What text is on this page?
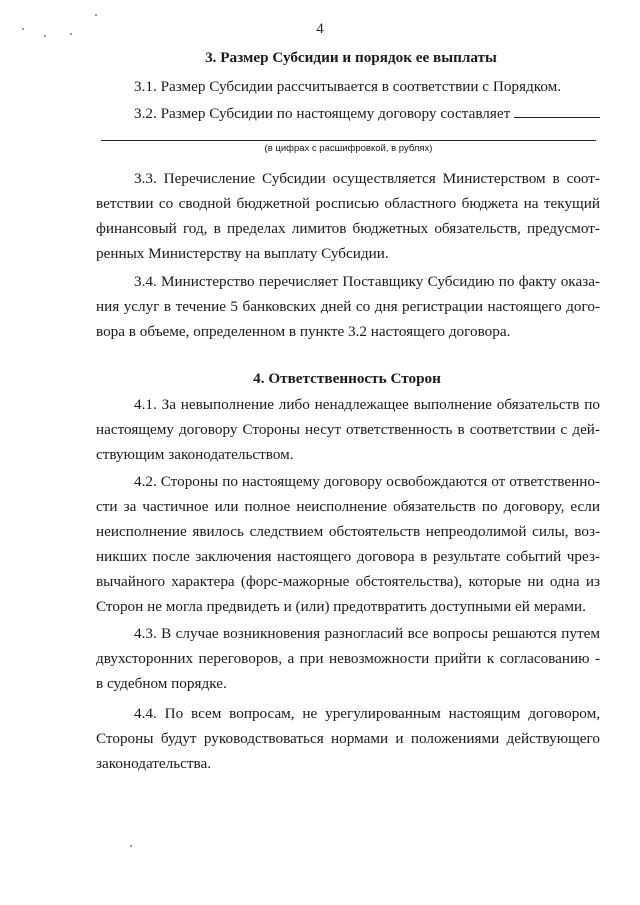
4
3. Размер Субсидии и порядок ее выплаты
3.1. Размер Субсидии рассчитывается в соответствии с Порядком.
3.2. Размер Субсидии по настоящему договору составляет
(в цифрах с расшифровкой, в рублях)
3.3. Перечисление Субсидии осуществляется Министерством в соот-
ветствии со сводной бюджетной росписью областного бюджета на текущий
финансовый год, в пределах лимитов бюджетных обязательств, предусмот-
ренных Министерству на выплату Субсидии.
3.4. Министерство перечисляет Поставщику Субсидию по факту оказа-
ния услуг в течение 5 банковских дней со дня регистрации настоящего дого-
вора в объеме, определенном в пункте 3.2 настоящего договора.
4. Ответственность Сторон
4.1. За невыполнение либо ненадлежащее выполнение обязательств по
настоящему договору Стороны несут ответственность в соответствии с дей-
ствующим законодательством.
4.2. Стороны по настоящему договору освобождаются от ответственно-
сти за частичное или полное неисполнение обязательств по договору, если
неисполнение явилось следствием обстоятельств непреодолимой силы, воз-
никших после заключения настоящего договора в результате событий чрез-
вычайного характера (форс-мажорные обстоятельства), которые ни одна из
Сторон не могла предвидеть и (или) предотвратить доступными ей мерами.
4.3. В случае возникновения разногласий все вопросы решаются путем
двухсторонних переговоров, а при невозможности прийти к согласованию -
в судебном порядке.
4.4. По всем вопросам, не урегулированным настоящим договором,
Стороны будут руководствоваться нормами и положениями действующего
законодательства.
